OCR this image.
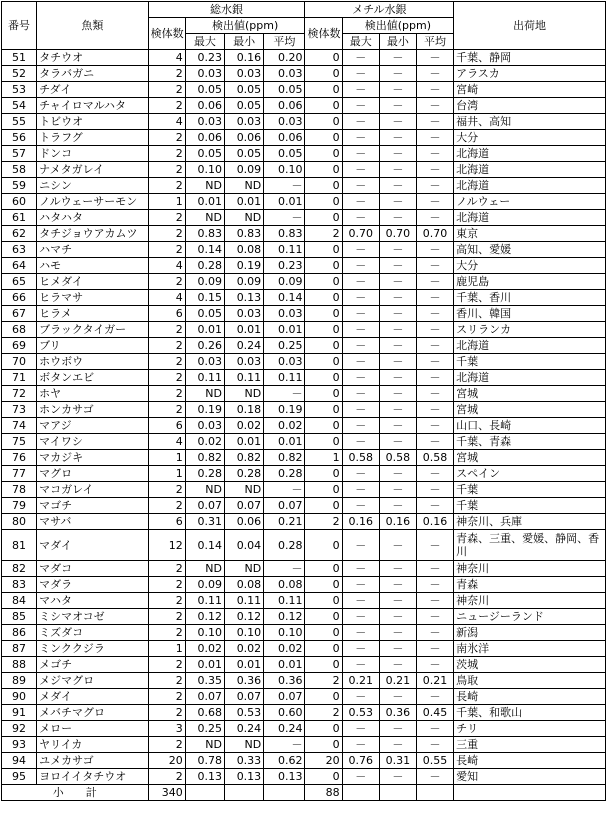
番号	魚類	総水銀				メチル水銀				出荷地
		検体数	検出値(ppm)			検体数	検出値(ppm)			
			最大	最小	平均		最大	最小	平均	
51	タチウオ	4	0.23	0.16	0.20	0	－	－	－	千葉、静岡
52	タラバガニ	2	0.03	0.03	0.03	0	－	－	－	アラスカ
53	チダイ	2	0.05	0.05	0.05	0	－	－	－	宮崎
54	チャイロマルハタ	2	0.06	0.05	0.06	0	－	－	－	台湾
55	トビウオ	4	0.03	0.03	0.03	0	－	－	－	福井、高知
56	トラフグ	2	0.06	0.06	0.06	0	－	－	－	大分
57	ドンコ	2	0.05	0.05	0.05	0	－	－	－	北海道
58	ナメタガレイ	2	0.10	0.09	0.10	0	－	－	－	北海道
59	ニシン	2	ND	ND	－	0	－	－	－	北海道
60	ノルウェーサーモン	1	0.01	0.01	0.01	0	－	－	－	ノルウェー
61	ハタハタ	2	ND	ND	－	0	－	－	－	北海道
62	タチジョウアカムツ	2	0.83	0.83	0.83	2	0.70	0.70	0.70	東京
63	ハマチ	2	0.14	0.08	0.11	0	－	－	－	高知、愛媛
64	ハモ	4	0.28	0.19	0.23	0	－	－	－	大分
65	ヒメダイ	2	0.09	0.09	0.09	0	－	－	－	鹿児島
66	ヒラマサ	4	0.15	0.13	0.14	0	－	－	－	千葉、香川
67	ヒラメ	6	0.05	0.03	0.03	0	－	－	－	香川、韓国
68	ブラックタイガー	2	0.01	0.01	0.01	0	－	－	－	スリランカ
69	ブリ	2	0.26	0.24	0.25	0	－	－	－	北海道
70	ホウボウ	2	0.03	0.03	0.03	0	－	－	－	千葉
71	ボタンエビ	2	0.11	0.11	0.11	0	－	－	－	北海道
72	ホヤ	2	ND	ND	－	0	－	－	－	宮城
73	ホンカサゴ	2	0.19	0.18	0.19	0	－	－	－	宮城
74	マアジ	6	0.03	0.02	0.02	0	－	－	－	山口、長崎
75	マイワシ	4	0.02	0.01	0.01	0	－	－	－	千葉、青森
76	マカジキ	1	0.82	0.82	0.82	1	0.58	0.58	0.58	宮城
77	マグロ	1	0.28	0.28	0.28	0	－	－	－	スペイン
78	マコガレイ	2	ND	ND	－	0	－	－	－	千葉
79	マゴチ	2	0.07	0.07	0.07	0	－	－	－	千葉
80	マサバ	6	0.31	0.06	0.21	2	0.16	0.16	0.16	神奈川、兵庫
81	マダイ	12	0.14	0.04	0.28	0	－	－	－	青森、三重、愛媛、静岡、香川
82	マダコ	2	ND	ND	－	0	－	－	－	神奈川
83	マダラ	2	0.09	0.08	0.08	0	－	－	－	青森
84	マハタ	2	0.11	0.11	0.11	0	－	－	－	神奈川
85	ミシマオコゼ	2	0.12	0.12	0.12	0	－	－	－	ニュージーランド
86	ミズダコ	2	0.10	0.10	0.10	0	－	－	－	新潟
87	ミンククジラ	1	0.02	0.02	0.02	0	－	－	－	南氷洋
88	メゴチ	2	0.01	0.01	0.01	0	－	－	－	茨城
89	メジマグロ	2	0.35	0.36	0.36	2	0.21	0.21	0.21	鳥取
90	メダイ	2	0.07	0.07	0.07	0	－	－	－	長崎
91	メバチマグロ	2	0.68	0.53	0.60	2	0.53	0.36	0.45	千葉、和歌山
92	メロー	3	0.25	0.24	0.24	0	－	－	－	チリ
93	ヤリイカ	2	ND	ND	－	0	－	－	－	三重
94	ユメカサゴ	20	0.78	0.33	0.62	20	0.76	0.31	0.55	長崎
95	ヨロイイタチウオ	2	0.13	0.13	0.13	0	－	－	－	愛知
小　　計		340				88				
